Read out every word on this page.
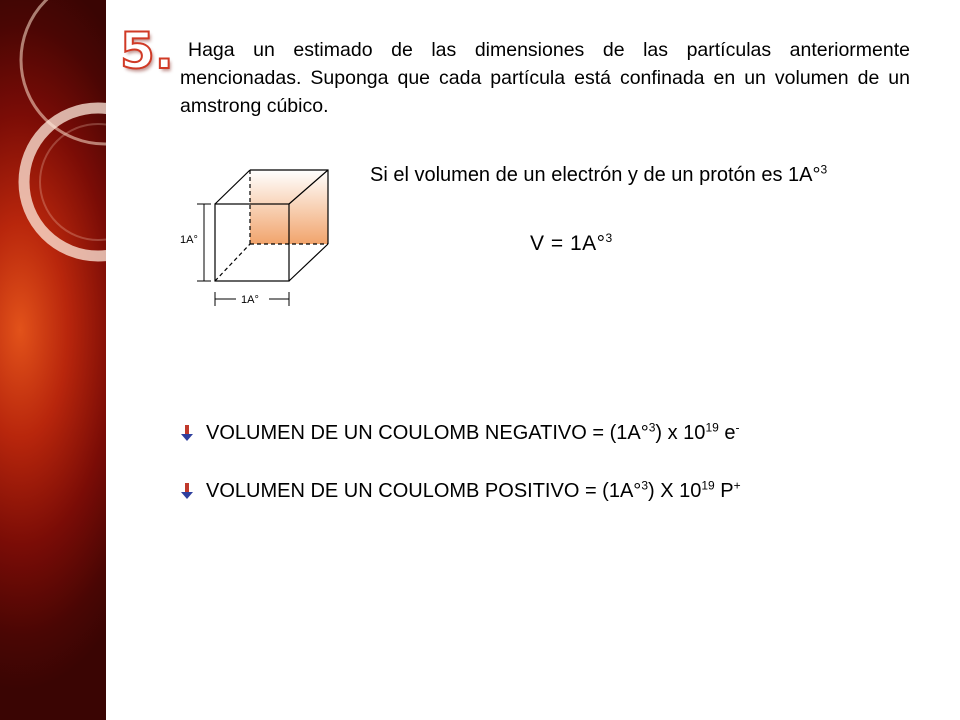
5. Haga un estimado de las dimensiones de las partículas anteriormente mencionadas. Suponga que cada partícula está confinada en un volumen de un amstrong cúbico.

1A°
1A°

Si el volumen de un electrón y de un protón es 1A°$^3$

V = 1A°$^3$

VOLUMEN DE UN COULOMB NEGATIVO = (1A°$^3$) x $10^{19}$ e-
VOLUMEN DE UN COULOMB POSITIVO = (1A°$^3$) X $10^{19}$ P+
